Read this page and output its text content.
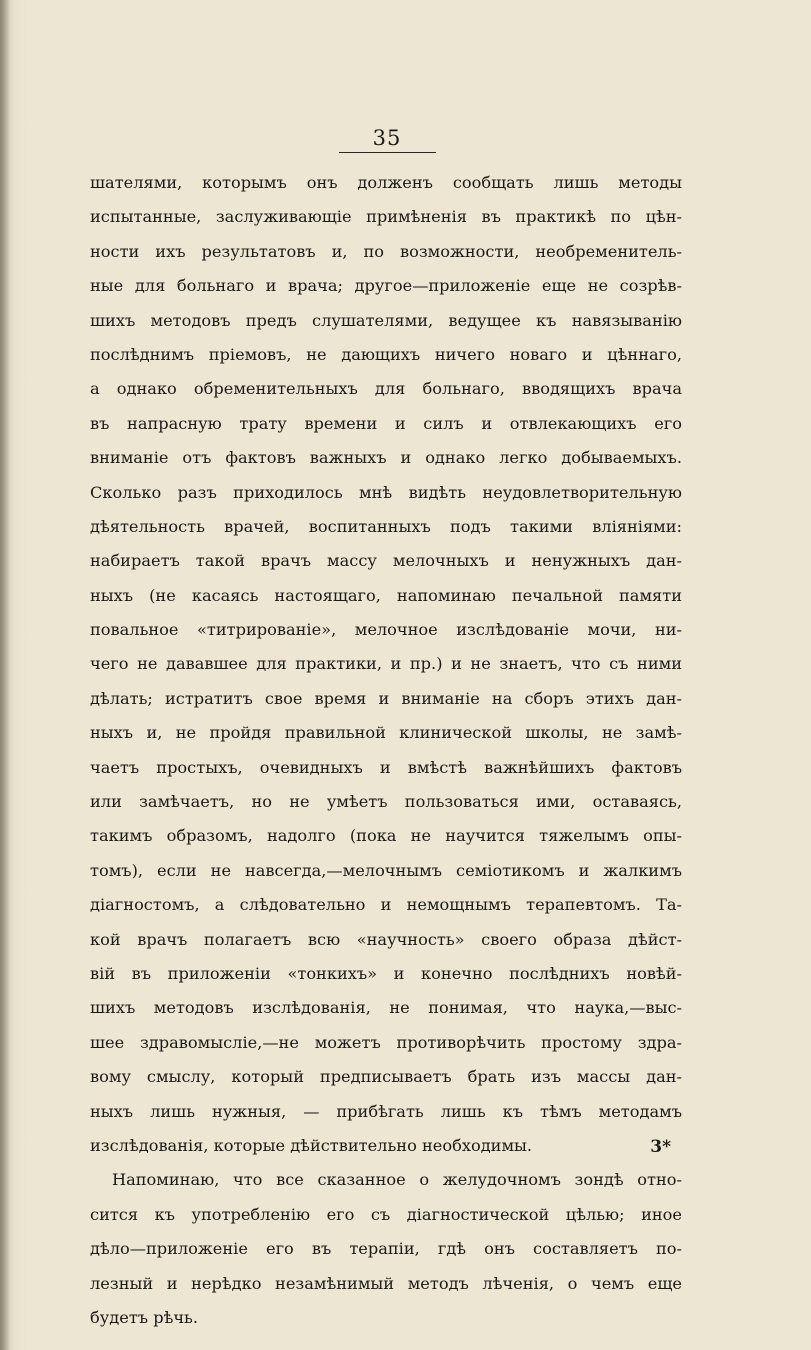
35
шателями, которымъ онъ долженъ сообщать лишь методы
испытанные, заслуживающіе примѣненія въ практикѣ по цѣн-
ности ихъ результатовъ и, по возможности, необременитель-
ные для больнаго и врача; другое—приложеніе еще не созрѣв-
шихъ методовъ предъ слушателями, ведущее къ навязыванію
послѣднимъ пріемовъ, не дающихъ ничего новаго и цѣннаго,
а однако обременительныхъ для больнаго, вводящихъ врача
въ напрасную трату времени и силъ и отвлекающихъ его
вниманіе отъ фактовъ важныхъ и однако легко добываемыхъ.
Сколько разъ приходилось мнѣ видѣть неудовлетворительную
дѣятельность врачей, воспитанныхъ подъ такими вліяніями:
набираетъ такой врачъ массу мелочныхъ и ненужныхъ дан-
ныхъ (не касаясь настоящаго, напоминаю печальной памяти
повальное «титрированіе», мелочное изслѣдованіе мочи, ни-
чего не дававшее для практики, и пр.) и не знаетъ, что съ ними
дѣлать; истратитъ свое время и вниманіе на сборъ этихъ дан-
ныхъ и, не пройдя правильной клинической школы, не замѣ-
чаетъ простыхъ, очевидныхъ и вмѣстѣ важнѣйшихъ фактовъ
или замѣчаетъ, но не умѣетъ пользоваться ими, оставаясь,
такимъ образомъ, надолго (пока не научится тяжелымъ опы-
томъ), если не навсегда,—мелочнымъ семіотикомъ и жалкимъ
діагностомъ, а слѣдовательно и немощнымъ терапевтомъ. Та-
кой врачъ полагаетъ всю «научность» своего образа дѣйст-
вій въ приложеніи «тонкихъ» и конечно послѣднихъ новѣй-
шихъ методовъ изслѣдованія, не понимая, что наука,—выс-
шее здравомысліе,—не можетъ противорѣчить простому здра-
вому смыслу, который предписываетъ брать изъ массы дан-
ныхъ лишь нужныя, — прибѣгать лишь къ тѣмъ методамъ
изслѣдованія, которые дѣйствительно необходимы.
Напоминаю, что все сказанное о желудочномъ зондѣ отно-
сится къ употребленію его съ діагностической цѣлью; иное
дѣло—приложеніе его въ терапіи, гдѣ онъ составляетъ по-
лезный и нерѣдко незамѣнимый методъ лѣченія, о чемъ еще
будетъ рѣчь.
3*
